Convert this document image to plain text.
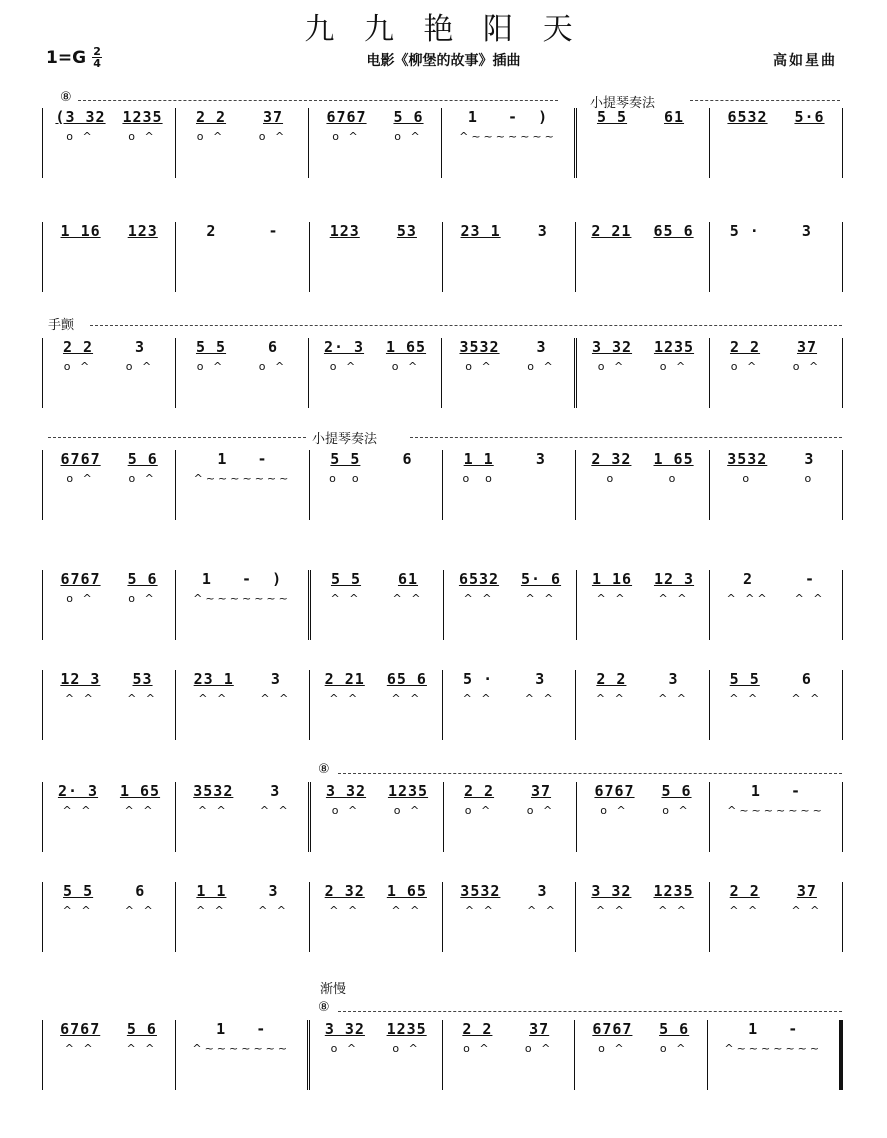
九 九 艳 阳 天
1=G 2
4	电影《柳堡的故事》插曲	高如星曲
⑧	小提琴奏法
手颤
小提琴奏法
⑧
渐慢
⑧
(3 32
o ^
1235
o ^
2 2
o ^
37
o ^
6767
o ^
5 6
o ^
1   -  )
^~~~~~~~
5 5 61	6532 5·6
1 16 123	2	-	123 53	23 1 3	2 21 65 6 5 ·	3
2 2
o ^
3
o ^
5 5
o ^
6
o ^
2· 3
o ^
1 65
o ^
3532
o ^
3
o ^
3 32
o ^
1235
o ^
2 2
o ^
37
o ^
6767
o ^
5 6
o ^
1   -
^~~~~~~~
5 5
o  o
6	1 1
o  o
3	2 32
o
1 65
o
3532
o
3
o
6767
o ^
5 6
o ^
1   -  )
^~~~~~~~
5 5
^ ^
61
^ ^
6532
^ ^
5· 6
^ ^
1 16
^ ^
12 3
^ ^
2
^ ^^
-
^ ^
12 3
^ ^
53
^ ^
23 1
^ ^
3
^ ^
2 21
^ ^
65 6
^ ^
5 ·
^ ^
3
^ ^
2 2
^ ^
3
^ ^
5 5
^ ^
6
^ ^
2· 3
^ ^
1 65
^ ^
3532
^ ^
3
^ ^
3 32
o ^
1235
o ^
2 2
o ^
37
o ^
6767
o ^
5 6
o ^
1   -
^~~~~~~~
5 5
^ ^
6
^ ^
1 1
^ ^
3
^ ^
2 32
^ ^
1 65
^ ^
3532
^ ^
3
^ ^
3 32
^ ^
1235
^ ^
2 2
^ ^
37
^ ^
6767
^ ^
5 6
^ ^
1   -
^~~~~~~~
3 32
o ^
1235
o ^
2 2
o ^
37
o ^
6767
o ^
5 6
o ^
1   -
^~~~~~~~
